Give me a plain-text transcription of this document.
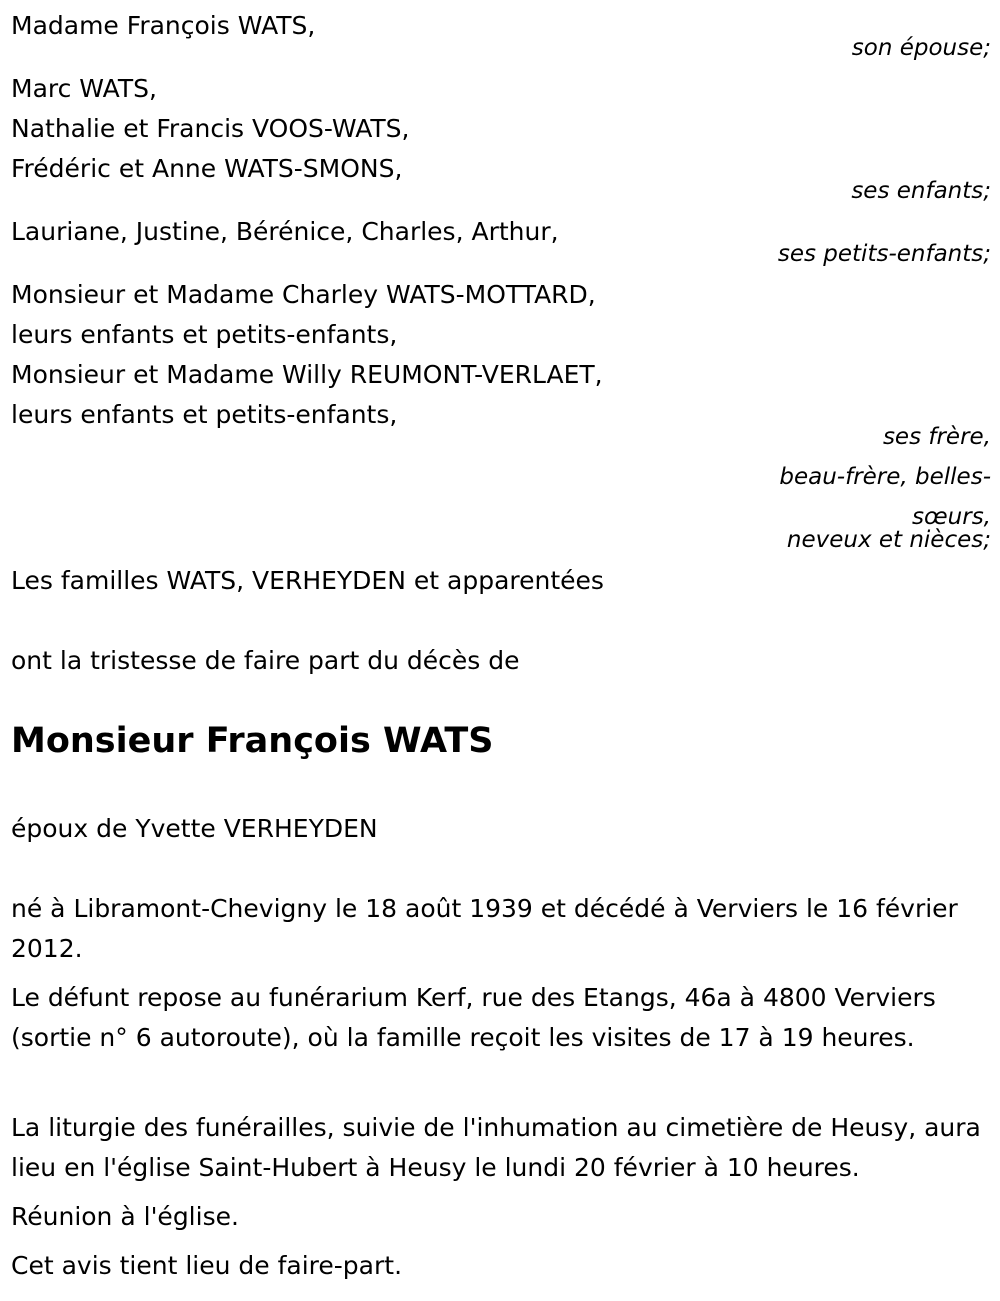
Madame François WATS,
son épouse;
Marc WATS,
Nathalie et Francis VOOS-WATS,
Frédéric et Anne WATS-SMONS,
ses enfants;
Lauriane, Justine, Bérénice, Charles, Arthur,
ses petits-enfants;
Monsieur et Madame Charley WATS-MOTTARD,
leurs enfants et petits-enfants,
Monsieur et Madame Willy REUMONT-VERLAET,
leurs enfants et petits-enfants,
ses frère,
beau-frère, belles-
sœurs,
neveux et nièces;
Les familles WATS, VERHEYDEN et apparentées
ont la tristesse de faire part du décès de
Monsieur François WATS
époux de Yvette VERHEYDEN
né à Libramont-Chevigny le 18 août 1939 et décédé à Verviers le 16 février 2012.
Le défunt repose au funérarium Kerf, rue des Etangs, 46a à 4800 Verviers (sortie n° 6 autoroute), où la famille reçoit les visites de 17 à 19 heures.
La liturgie des funérailles, suivie de l'inhumation au cimetière de Heusy, aura lieu en l'église Saint-Hubert à Heusy le lundi 20 février à 10 heures.
Réunion à l'église.
Cet avis tient lieu de faire-part.
